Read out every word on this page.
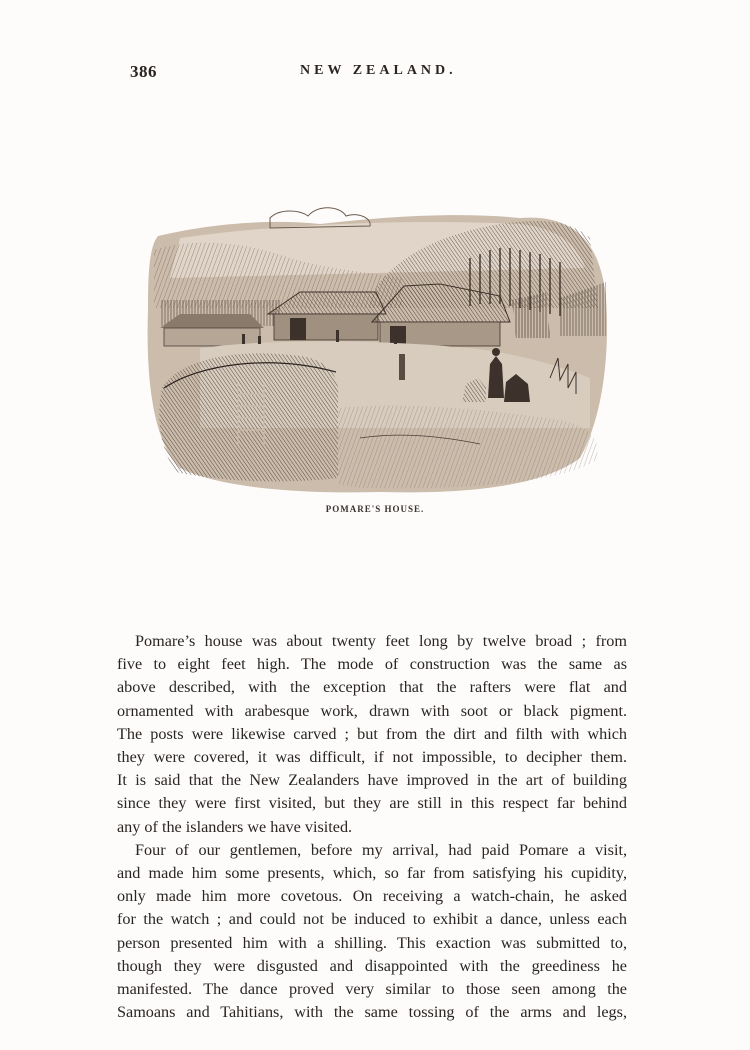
386	NEW ZEALAND.
POMARE'S HOUSE.
Pomare’s house was about twenty feet long by twelve broad ; from
five to eight feet high. The mode of construction was the same as
above described, with the exception that the rafters were flat and
ornamented with arabesque work, drawn with soot or black pigment.
The posts were likewise carved ; but from the dirt and filth with which
they were covered, it was difficult, if not impossible, to decipher them.
It is said that the New Zealanders have improved in the art of building
since they were first visited, but they are still in this respect far behind
any of the islanders we have visited.
Four of our gentlemen, before my arrival, had paid Pomare a visit,
and made him some presents, which, so far from satisfying his cupidity,
only made him more covetous. On receiving a watch-chain, he asked
for the watch ; and could not be induced to exhibit a dance, unless each
person presented him with a shilling. This exaction was submitted to,
though they were disgusted and disappointed with the greediness he
manifested. The dance proved very similar to those seen among the
Samoans and Tahitians, with the same tossing of the arms and legs,
